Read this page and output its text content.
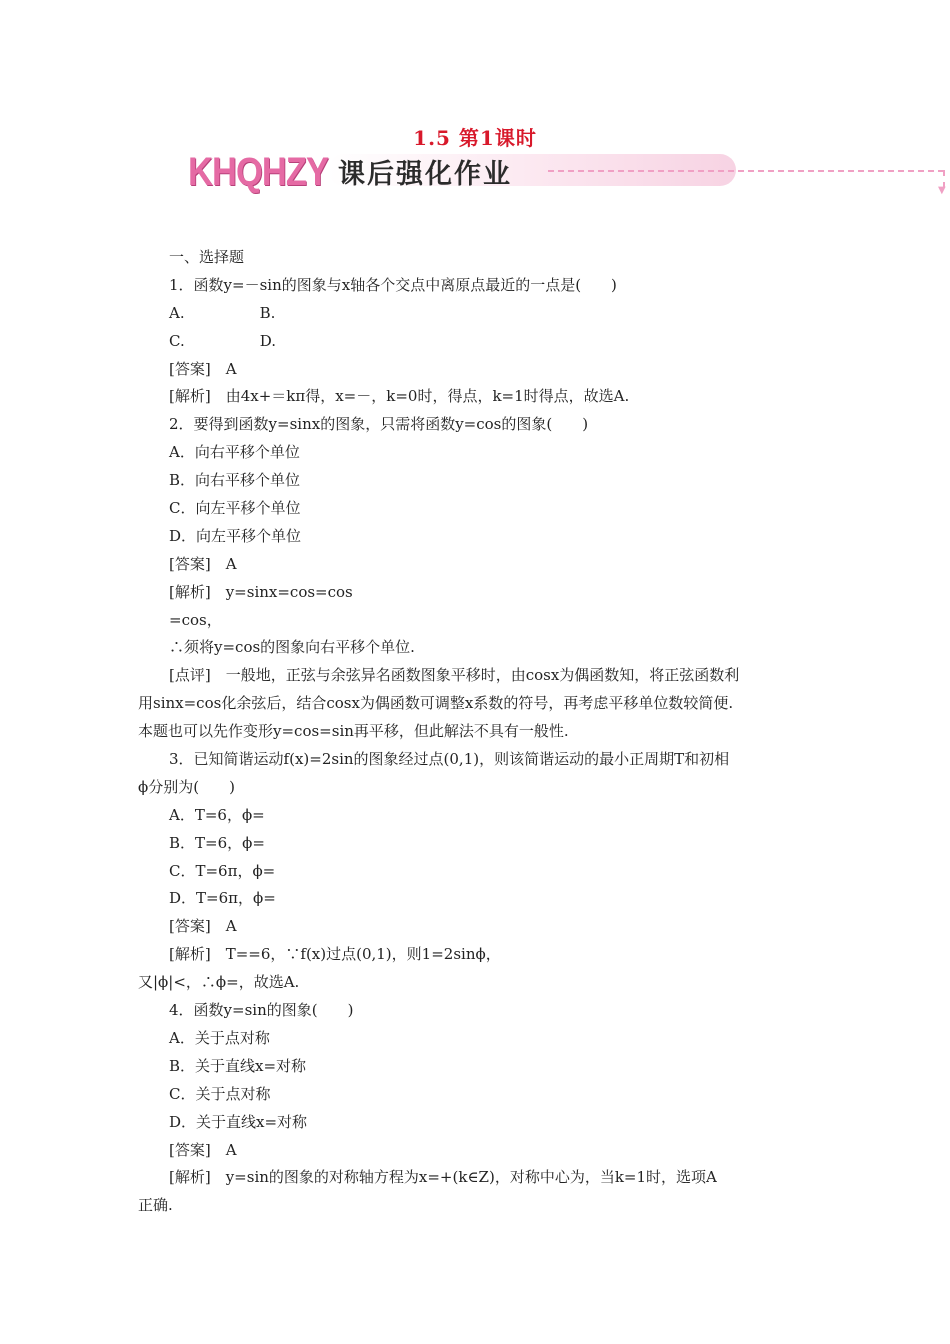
1.5 第1课时
KHQHZY 课后强化作业
▼
一、选择题
1．函数y=－sin的图象与x轴各个交点中离原点最近的一点是(　　)
A.　　　　　B.
C.　　　　　D.
[答案]　A
[解析]　由4x+＝kπ得，x=－，k=0时，得点，k=1时得点，故选A.
2．要得到函数y=sinx的图象，只需将函数y=cos的图象(　　)
A．向右平移个单位
B．向右平移个单位
C．向左平移个单位
D．向左平移个单位
[答案]　A
[解析]　y=sinx=cos=cos
=cos，
∴须将y=cos的图象向右平移个单位.
[点评]　一般地，正弦与余弦异名函数图象平移时，由cosx为偶函数知，将正弦函数利
用sinx=cos化余弦后，结合cosx为偶函数可调整x系数的符号，再考虑平移单位数较简便.
本题也可以先作变形y=cos=sin再平移，但此解法不具有一般性.
3．已知简谐运动f(x)=2sin的图象经过点(0,1)，则该简谐运动的最小正周期T和初相
ϕ分别为(　　)
A．T=6，ϕ=
B．T=6，ϕ=
C．T=6π，ϕ=
D．T=6π，ϕ=
[答案]　A
[解析]　T==6，∵f(x)过点(0,1)，则1=2sinϕ，
又|ϕ|<，∴ϕ=，故选A.
4．函数y=sin的图象(　　)
A．关于点对称
B．关于直线x=对称
C．关于点对称
D．关于直线x=对称
[答案]　A
[解析]　y=sin的图象的对称轴方程为x=+(k∈Z)，对称中心为，当k=1时，选项A
正确.
